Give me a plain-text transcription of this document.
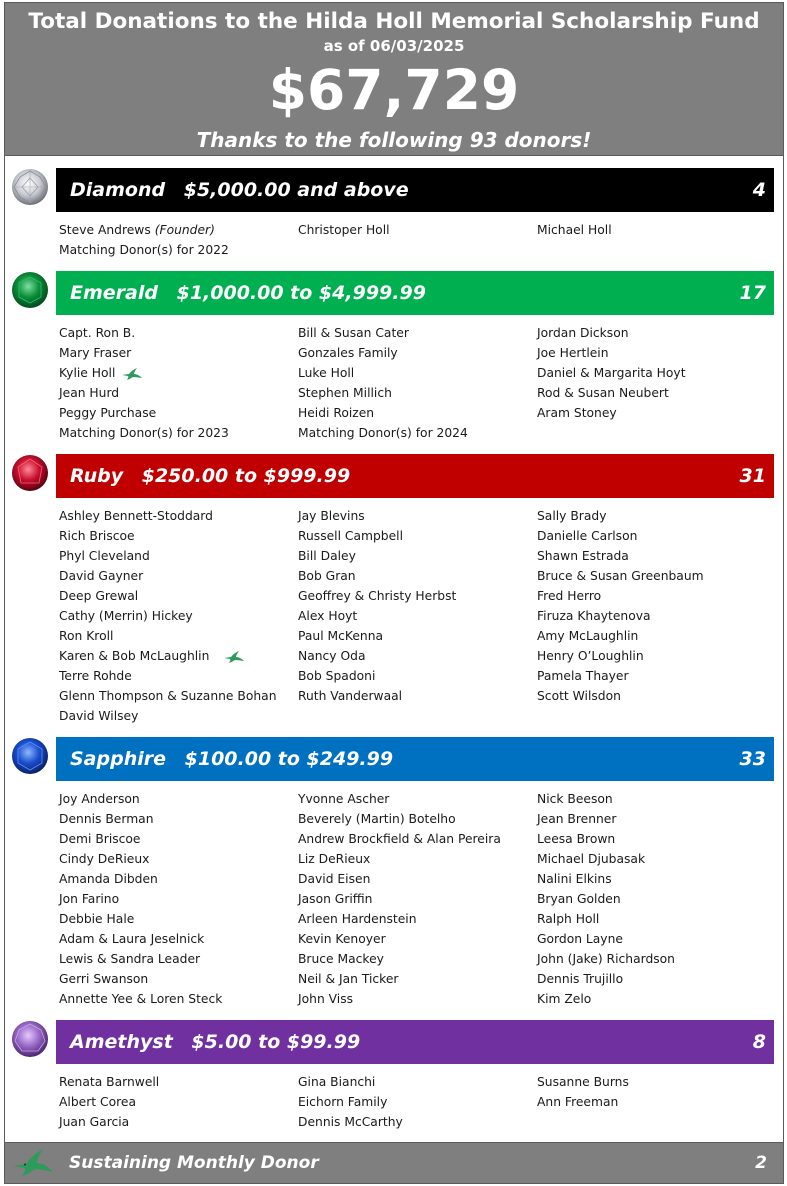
Total Donations to the Hilda Holl Memorial Scholarship Fund
as of 06/03/2025
$67,729
Thanks to the following 93 donors!
Diamond $5,000.00 and above	4
Steve Andrews (Founder)
Matching Donor(s) for 2022
Christoper Holl	Michael Holl
Emerald $1,000.00 to $4,999.99	17
Capt. Ron B.
Mary Fraser
Kylie Holl
Jean Hurd
Peggy Purchase
Matching Donor(s) for 2023
Bill & Susan Cater
Gonzales Family
Luke Holl
Stephen Millich
Heidi Roizen
Matching Donor(s) for 2024
Jordan Dickson
Joe Hertlein
Daniel & Margarita Hoyt
Rod & Susan Neubert
Aram Stoney
Ruby $250.00 to $999.99	31
Ashley Bennett-Stoddard
Rich Briscoe
Phyl Cleveland
David Gayner
Deep Grewal
Cathy (Merrin) Hickey
Ron Kroll
Karen & Bob McLaughlin
Terre Rohde
Glenn Thompson & Suzanne Bohan
David Wilsey
Jay Blevins
Russell Campbell
Bill Daley
Bob Gran
Geoffrey & Christy Herbst
Alex Hoyt
Paul McKenna
Nancy Oda
Bob Spadoni
Ruth Vanderwaal
Sally Brady
Danielle Carlson
Shawn Estrada
Bruce & Susan Greenbaum
Fred Herro
Firuza Khaytenova
Amy McLaughlin
Henry O’Loughlin
Pamela Thayer
Scott Wilsdon
Sapphire $100.00 to $249.99	33
Joy Anderson
Dennis Berman
Demi Briscoe
Cindy DeRieux
Amanda Dibden
Jon Farino
Debbie Hale
Adam & Laura Jeselnick
Lewis & Sandra Leader
Gerri Swanson
Annette Yee & Loren Steck
Yvonne Ascher
Beverely (Martin) Botelho
Andrew Brockfield & Alan Pereira
Liz DeRieux
David Eisen
Jason Griffin
Arleen Hardenstein
Kevin Kenoyer
Bruce Mackey
Neil & Jan Ticker
John Viss
Nick Beeson
Jean Brenner
Leesa Brown
Michael Djubasak
Nalini Elkins
Bryan Golden
Ralph Holl
Gordon Layne
John (Jake) Richardson
Dennis Trujillo
Kim Zelo
Amethyst $5.00 to $99.99	8
Renata Barnwell
Albert Corea
Juan Garcia
Gina Bianchi
Eichorn Family
Dennis McCarthy
Susanne Burns
Ann Freeman
Sustaining Monthly Donor	2
